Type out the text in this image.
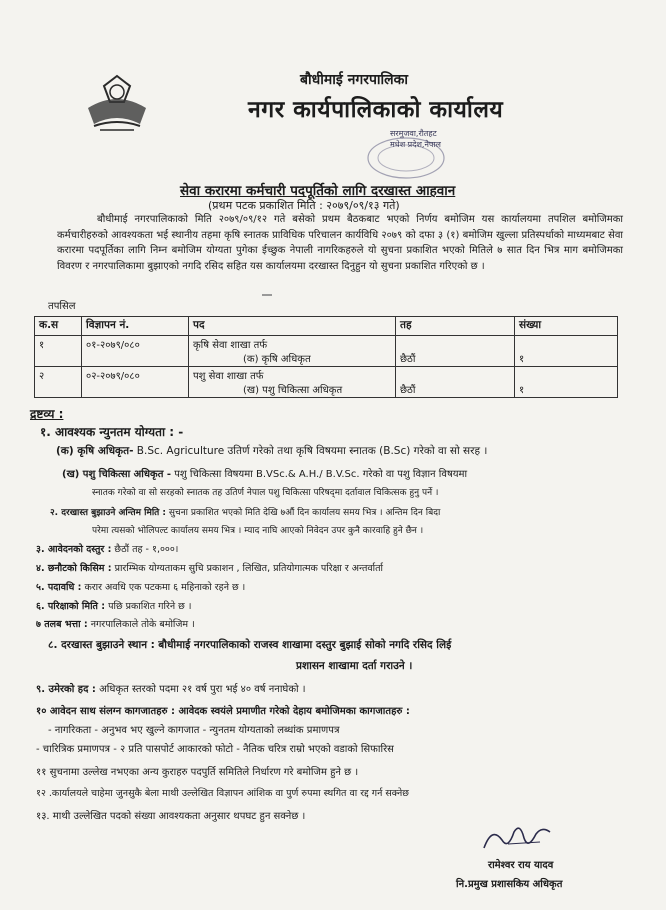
बौधीमाई नगरपालिका
नगर कार्यपालिकाको कार्यालय
सरमुजवा,रौतहट
मधेश प्रदेश,नेपाल
सेवा करारमा कर्मचारी पदपूर्तिको लागि दरखास्त आहवान
(प्रथम पटक प्रकाशित मिति : २०७९/०९/१३ गते)
बौधीमाई नगरपालिकाको मिति २०७९/०९/१२ गते बसेको प्रथम बैठकबाट भएको निर्णय बमोजिम यस कार्यालयमा तपशिल बमोजिमका कर्मचारीहरुको आवश्यकता भई स्थानीय तहमा कृषि स्नातक प्राविधिक परिचालन कार्यविधि २०७९ को दफा ३ (१) बमोजिम खुल्ला प्रतिस्पर्धाको माध्यमबाट सेवा करारमा पदपूर्तिका लागि निम्न बमोजिम योग्यता पुगेका ईच्छुक नेपाली नागरिकहरुले यो सुचना प्रकाशित भएको मितिले ७ सात दिन भित्र माग बमोजिमका विवरण र नगरपालिकामा बुझाएको नगदि रसिद सहित यस कार्यालयमा दरखास्त दिनुहुन यो सुचना प्रकाशित गरिएको छ ।
तपसिल
क.स	विज्ञापन नं.	पद	तह	संख्या
१	०१-२०७९/०८०	कृषि सेवा शाखा तर्फ
(क) कृषि अधिकृत	छैठौं	१
२	०२-२०७९/०८०	पशु सेवा शाखा तर्फ
(ख) पशु चिकित्सा अधिकृत	छैठौं	१
द्रष्टव्य :
१. आवश्यक न्युनतम योग्यता : -
(क) कृषि अधिकृत- B.Sc. Agriculture उतिर्ण गरेको तथा कृषि विषयमा स्नातक (B.Sc) गरेको वा सो सरह ।
(ख) पशु चिकित्सा अधिकृत - पशु चिकित्सा विषयमा B.VSc.& A.H./ B.V.Sc. गरेको वा पशु विज्ञान विषयमा
स्नातक गरेको वा सो सरहको स्नातक तह उतिर्ण नेपाल पशु चिकित्सा परिषद्‍मा दर्तावाल चिकित्सक हुनु पर्ने ।
२. दरखास्त बुझाउने अन्तिम मिति : सुचना प्रकाशित भएको मिति देखि ७औं दिन कार्यालय समय भित्र । अन्तिम दिन बिदा
परेमा त्यसको भोलिपल्ट कार्यालय समय भित्र । म्याद नाघि आएको निवेदन उपर कुनै कारवाहि हुने छैन ।
३. आवेदनको दस्तुर : छैठौं तह - १,०००।
४. छनौटको किसिम : प्रारम्भिक योग्यताकम सुचि प्रकाशन , लिखित, प्रतियोगात्मक परिक्षा र अन्तर्वार्ता
५. पदावधि : करार अवधि एक पटकमा ६ महिनाको रहने छ ।
६. परिक्षाको मिति : पछि प्रकाशित गरिने छ ।
७ तलब भत्ता : नगरपालिकाले तोके बमोजिम ।
८. दरखास्त बुझाउने स्थान : बौधीमाई नगरपालिकाको राजस्व शाखामा दस्तुर बुझाई सोको नगदि रसिद लिई
प्रशासन शाखामा दर्ता गराउने ।
९. उमेरको हद : अधिकृत स्तरको पदमा २१ वर्ष पुरा भई ४० वर्ष ननाघेको ।
१० आवेदन साथ संलग्न कागजातहरु : आवेदक स्वयंले प्रमाणीत गरेको देहाय बमोजिमका कागजातहरु :
- नागरिकता - अनुभव भए खुल्ने कागजात - न्युनतम योग्यताको लब्धांक प्रमाणपत्र
- चारित्रिक प्रमाणपत्र - २ प्रति पासपोर्ट आकारको फोटो - नैतिक चरित्र राम्रो भएको वडाको सिफारिस
११ सुचनामा उल्लेख नभएका अन्य कुराहरु पदपुर्ति समितिले निर्धारण गरे बमोजिम हुने छ ।
१२ .कार्यालयले चाहेमा जुनसुकै बेला माथी उल्लेखित विज्ञापन आंशिक वा पुर्ण रुपमा स्थगित वा रद्द गर्न सक्नेछ
१३. माथी उल्लेखित पदको संख्या आवश्यकता अनुसार थपघट हुन सक्नेछ ।
रामेश्वर राय यादव
नि.प्रमुख प्रशासकिय अधिकृत
